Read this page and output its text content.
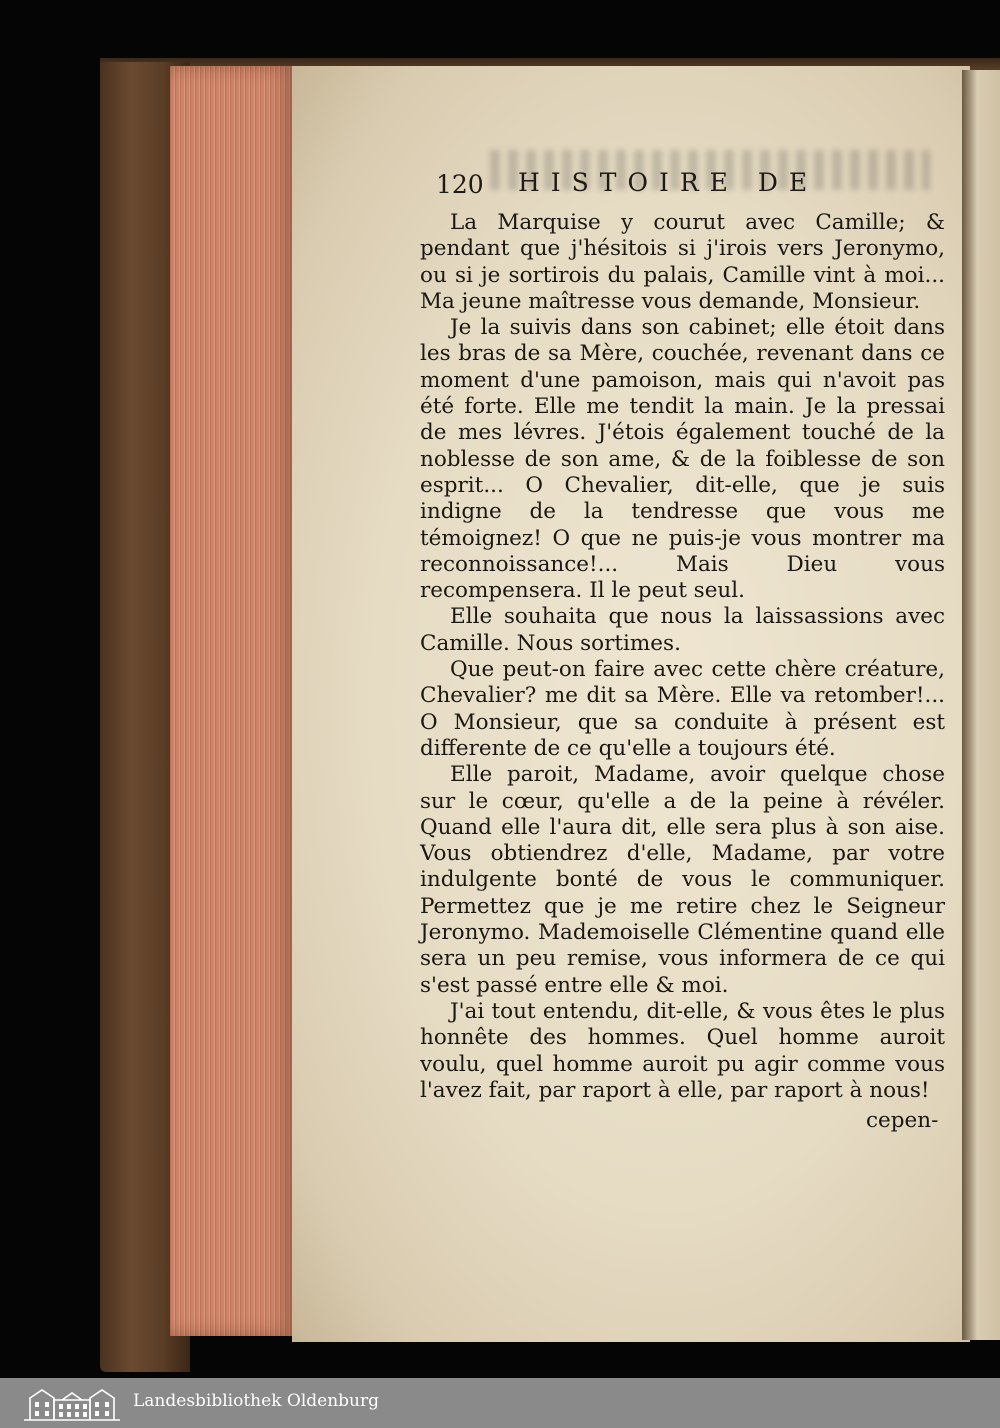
120 HISTOIRE DE

La Marquise y courut avec Camille; & pendant que j'hésitois si j'irois vers Jeronymo, ou si je sortirois du palais, Camille vint à moi... Ma jeune maîtresse vous demande, Monsieur.

Je la suivis dans son cabinet; elle étoit dans les bras de sa Mère, couchée, revenant dans ce moment d'une pamoison, mais qui n'avoit pas été forte. Elle me tendit la main. Je la pressai de mes lévres. J'étois également touché de la noblesse de son ame, & de la foiblesse de son esprit... O Chevalier, dit-elle, que je suis indigne de la tendresse que vous me témoignez! O que ne puis-je vous montrer ma reconnoissance!... Mais Dieu vous recompensera. Il le peut seul.

Elle souhaita que nous la laissassions avec Camille. Nous sortimes.

Que peut-on faire avec cette chère créature, Chevalier? me dit sa Mère. Elle va retomber!... O Monsieur, que sa conduite à présent est differente de ce qu'elle a toujours été.

Elle paroit, Madame, avoir quelque chose sur le cœur, qu'elle a de la peine à révéler. Quand elle l'aura dit, elle sera plus à son aise. Vous obtiendrez d'elle, Madame, par votre indulgente bonté de vous le communiquer. Permettez que je me retire chez le Seigneur Jeronymo. Mademoiselle Clémentine quand elle sera un peu remise, vous informera de ce qui s'est passé entre elle & moi.

J'ai tout entendu, dit-elle, & vous êtes le plus honnête des hommes. Quel homme auroit voulu, quel homme auroit pu agir comme vous l'avez fait, par raport à elle, par raport à nous!

cepen-
Landesbibliothek Oldenburg
